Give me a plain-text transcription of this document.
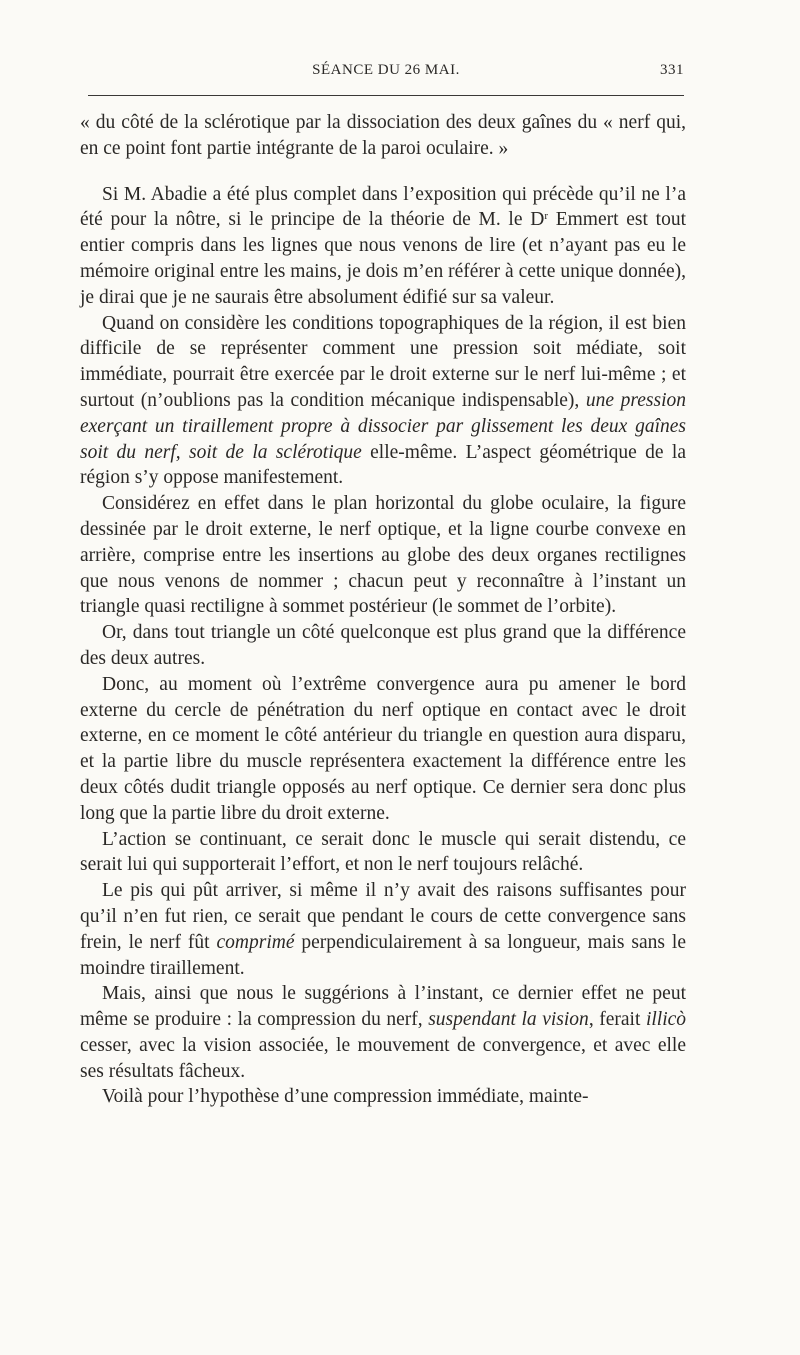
SÉANCE DU 26 MAI.	331

« du côté de la sclérotique par la dissociation des deux gaînes du « nerf qui, en ce point font partie intégrante de la paroi oculaire. »

Si M. Abadie a été plus complet dans l’exposition qui précède qu’il ne l’a été pour la nôtre, si le principe de la théorie de M. le $D^r$ Emmert est tout entier compris dans les lignes que nous venons de lire (et n’ayant pas eu le mémoire original entre les mains, je dois m’en référer à cette unique donnée), je dirai que je ne saurais être absolument édifié sur sa valeur.

Quand on considère les conditions topographiques de la région, il est bien difficile de se représenter comment une pression soit médiate, soit immédiate, pourrait être exercée par le droit externe sur le nerf lui-même ; et surtout (n’oublions pas la condition mécanique indispensable), une pression exerçant un tiraillement propre à dissocier par glissement les deux gaînes soit du nerf, soit de la sclérotique elle-même. L’aspect géométrique de la région s’y oppose manifestement.

Considérez en effet dans le plan horizontal du globe oculaire, la figure dessinée par le droit externe, le nerf optique, et la ligne courbe convexe en arrière, comprise entre les insertions au globe des deux organes rectilignes que nous venons de nommer ; chacun peut y reconnaître à l’instant un triangle quasi rectiligne à sommet postérieur (le sommet de l’orbite).

Or, dans tout triangle un côté quelconque est plus grand que la différence des deux autres.

Donc, au moment où l’extrême convergence aura pu amener le bord externe du cercle de pénétration du nerf optique en contact avec le droit externe, en ce moment le côté antérieur du triangle en question aura disparu, et la partie libre du muscle représentera exactement la différence entre les deux côtés dudit triangle opposés au nerf optique. Ce dernier sera donc plus long que la partie libre du droit externe.

L’action se continuant, ce serait donc le muscle qui serait distendu, ce serait lui qui supporterait l’effort, et non le nerf toujours relâché.

Le pis qui pût arriver, si même il n’y avait des raisons suffisantes pour qu’il n’en fut rien, ce serait que pendant le cours de cette convergence sans frein, le nerf fût comprimé perpendiculairement à sa longueur, mais sans le moindre tiraillement.

Mais, ainsi que nous le suggérions à l’instant, ce dernier effet ne peut même se produire : la compression du nerf, suspendant la vision, ferait illicò cesser, avec la vision associée, le mouvement de convergence, et avec elle ses résultats fâcheux.

Voilà pour l’hypothèse d’une compression immédiate, mainte-
